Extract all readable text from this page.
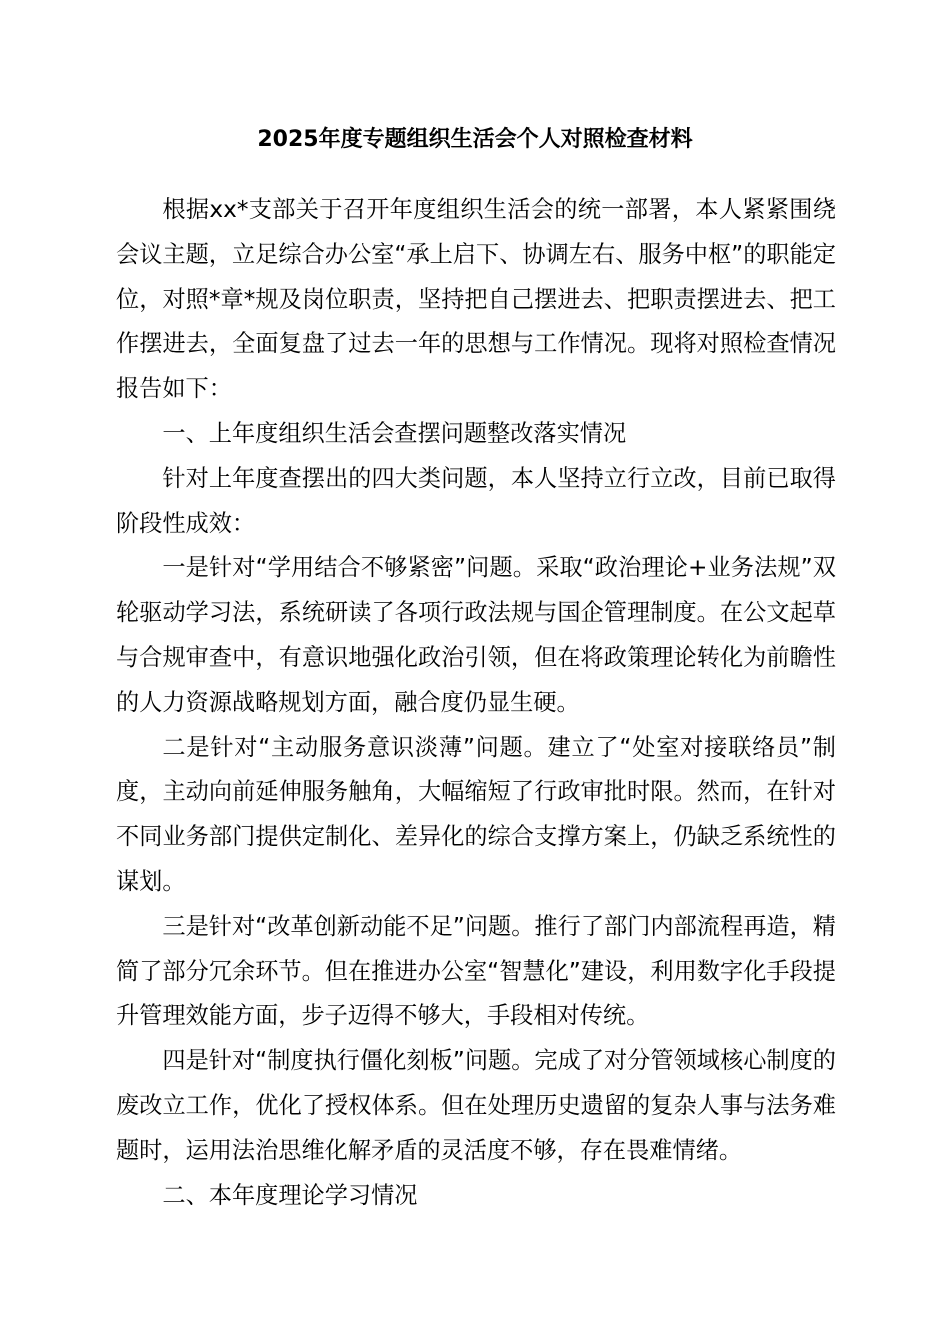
2025年度专题组织生活会个人对照检查材料

根据xx*支部关于召开年度组织生活会的统一部署，本人紧紧围绕会议主题，立足综合办公室“承上启下、协调左右、服务中枢”的职能定位，对照*章*规及岗位职责，坚持把自己摆进去、把职责摆进去、把工作摆进去，全面复盘了过去一年的思想与工作情况。现将对照检查情况报告如下：

一、上年度组织生活会查摆问题整改落实情况

针对上年度查摆出的四大类问题，本人坚持立行立改，目前已取得阶段性成效：

一是针对“学用结合不够紧密”问题。采取“政治理论+业务法规”双轮驱动学习法，系统研读了各项行政法规与国企管理制度。在公文起草与合规审查中，有意识地强化政治引领，但在将政策理论转化为前瞻性的人力资源战略规划方面，融合度仍显生硬。

二是针对“主动服务意识淡薄”问题。建立了“处室对接联络员”制度，主动向前延伸服务触角，大幅缩短了行政审批时限。然而，在针对不同业务部门提供定制化、差异化的综合支撑方案上，仍缺乏系统性的谋划。

三是针对“改革创新动能不足”问题。推行了部门内部流程再造，精简了部分冗余环节。但在推进办公室“智慧化”建设，利用数字化手段提升管理效能方面，步子迈得不够大，手段相对传统。

四是针对“制度执行僵化刻板”问题。完成了对分管领域核心制度的废改立工作，优化了授权体系。但在处理历史遗留的复杂人事与法务难题时，运用法治思维化解矛盾的灵活度不够，存在畏难情绪。

二、本年度理论学习情况
